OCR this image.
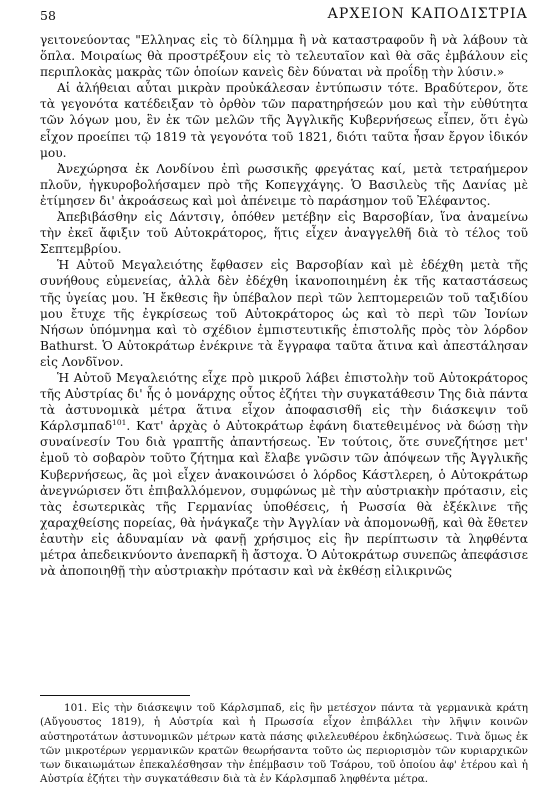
58	ΑΡΧΕΙΟΝ ΚΑΠΟΔΙΣΤΡΙΑ

γειτονεύοντας "Ελληνας εἰς τὸ δίλημμα ἢ νὰ καταστραφοῦν ἢ νὰ λάβουν τὰ ὅπλα. Μοιραίως θὰ προστρέξουν εἰς τὸ τελευταῖον καὶ θὰ σᾶς ἐμβάλουν εἰς περιπλοκὰς μακρὰς τῶν ὁποίων κανεὶς δὲν δύναται νὰ προΐδῃ τὴν λύσιν.»

Αἱ ἀλήθειαι αὗται μικρὰν προὐκάλεσαν ἐντύπωσιν τότε. Βραδύτερον, ὅτε τὰ γεγονότα κατέδειξαν τὸ ὀρθὸν τῶν παρατηρήσεών μου καὶ τὴν εὐθύτητα τῶν λόγων μου, ἓν ἐκ τῶν μελῶν τῆς Ἀγγλικῆς Κυβερνήσεως εἶπεν, ὅτι ἐγὼ εἶχον προείπει τῷ 1819 τὰ γεγονότα τοῦ 1821, διότι ταῦτα ἦσαν ἔργον ἰδικόν μου.

Ἀνεχώρησα ἐκ Λονδίνου ἐπὶ ρωσσικῆς φρεγάτας καί, μετὰ τετραήμερον πλοῦν, ἠγκυροβολήσαμεν πρὸ τῆς Κοπεγχάγης. Ὁ Βασιλεὺς τῆς Δανίας μὲ ἐτίμησεν δι' ἀκροάσεως καὶ μοὶ ἀπένειμε τὸ παράσημον τοῦ Ἐλέφαντος.

Ἀπεβιβάσθην εἰς Δάντσιγ, ὁπόθεν μετέβην εἰς Βαρσοβίαν, ἵνα ἀναμείνω τὴν ἐκεῖ ἄφιξιν τοῦ Αὐτοκράτορος, ἥτις εἶχεν ἀναγγελθῆ διὰ τὸ τέλος τοῦ Σεπτεμβρίου.

Ἡ Αὐτοῦ Μεγαλειότης ἔφθασεν εἰς Βαρσοβίαν καὶ μὲ ἐδέχθη μετὰ τῆς συνήθους εὐμενείας, ἀλλὰ δὲν ἐδέχθη ἱκανοποιημένη ἐκ τῆς καταστάσεως τῆς ὑγείας μου. Ἡ ἔκθεσις ἣν ὑπέβαλον περὶ τῶν λεπτομερειῶν τοῦ ταξιδίου μου ἔτυχε τῆς ἐγκρίσεως τοῦ Αὐτοκράτορος ὡς καὶ τὸ περὶ τῶν Ἰονίων Νήσων ὑπόμνημα καὶ τὸ σχέδιον ἐμπιστευτικῆς ἐπιστολῆς πρὸς τὸν λόρδον Bathurst. Ὁ Αὐτοκράτωρ ἐνέκρινε τὰ ἔγγραφα ταῦτα ἅτινα καὶ ἀπεστάλησαν εἰς Λονδῖνον.

Ἡ Αὐτοῦ Μεγαλειότης εἶχε πρὸ μικροῦ λάβει ἐπιστολὴν τοῦ Αὐτοκράτορος τῆς Αὐστρίας δι' ἧς ὁ μονάρχης οὗτος ἐζήτει τὴν συγκατάθεσιν Της διὰ πάντα τὰ ἀστυνομικὰ μέτρα ἅτινα εἶχον ἀποφασισθῆ εἰς τὴν διάσκεψιν τοῦ Κάρλσμπαδ$^{101}$. Κατ' ἀρχὰς ὁ Αὐτοκράτωρ ἐφάνη διατεθειμένος νὰ δώσῃ τὴν συναίνεσίν Του διὰ γραπτῆς ἀπαντήσεως. Ἐν τούτοις, ὅτε συνεζήτησε μετ' ἐμοῦ τὸ σοβαρὸν τοῦτο ζήτημα καὶ ἔλαβε γνῶσιν τῶν ἀπόψεων τῆς Ἀγγλικῆς Κυβερνήσεως, ἃς μοὶ εἶχεν ἀνακοινώσει ὁ λόρδος Κάστλερεη, ὁ Αὐτοκράτωρ ἀνεγνώρισεν ὅτι ἐπιβαλλόμενον, συμφώνως μὲ τὴν αὐστριακὴν πρότασιν, εἰς τὰς ἐσωτερικὰς τῆς Γερμανίας ὑποθέσεις, ἡ Ρωσσία θὰ ἐξέκλινε τῆς χαραχθείσης πορείας, θὰ ἠνάγκαζε τὴν Ἀγγλίαν νὰ ἀπομονωθῇ, καὶ θὰ ἔθετεν ἑαυτὴν εἰς ἀδυναμίαν νὰ φανῇ χρήσιμος εἰς ἣν περίπτωσιν τὰ ληφθέντα μέτρα ἀπεδεικνύοντο ἀνεπαρκῆ ἢ ἄστοχα. Ὁ Αὐτοκράτωρ συνεπῶς ἀπεφάσισε νὰ ἀποποιηθῇ τὴν αὐστριακὴν πρότασιν καὶ νὰ ἐκθέσῃ εἰλικρινῶς

101. Εἰς τὴν διάσκεψιν τοῦ Κάρλσμπαδ, εἰς ἣν μετέσχον πάντα τὰ γερμανικὰ κράτη (Αὔγουστος 1819), ἡ Αὐστρία καὶ ἡ Πρωσσία εἶχον ἐπιβάλλει τὴν λῆψιν κοινῶν αὐστηροτάτων ἀστυνομικῶν μέτρων κατὰ πάσης φιλελευθέρου ἐκδηλώσεως. Τινὰ ὅμως ἐκ τῶν μικροτέρων γερμανικῶν κρατῶν θεωρήσαντα τοῦτο ὡς περιορισμὸν τῶν κυριαρχικῶν των δικαιωμάτων ἐπεκαλέσθησαν τὴν ἐπέμβασιν τοῦ Τσάρου, τοῦ ὁποίου ἀφ' ἑτέρου καὶ ἡ Αὐστρία ἐζήτει τὴν συγκατάθεσιν διὰ τὰ ἐν Κάρλσμπαδ ληφθέντα μέτρα.
